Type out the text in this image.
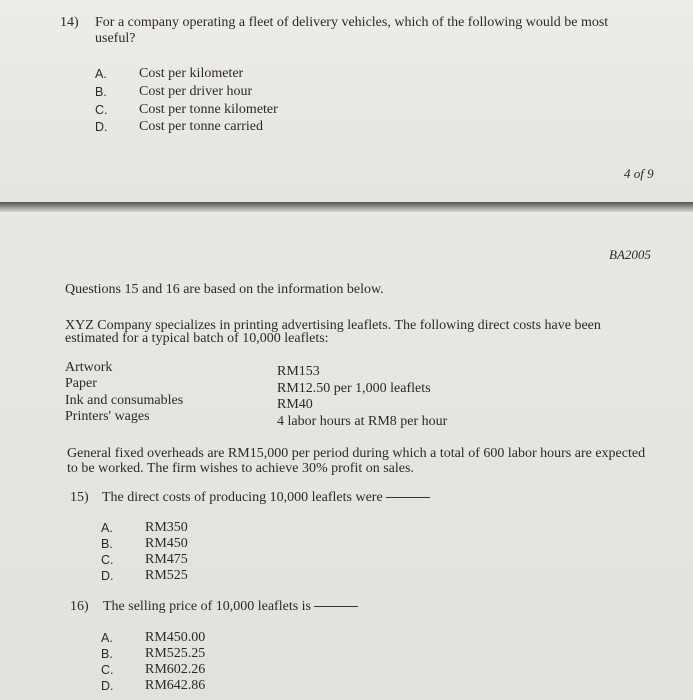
14) For a company operating a fleet of delivery vehicles, which of the following would be most
useful?
A. Cost per kilometer
B. Cost per driver hour
C. Cost per tonne kilometer
D. Cost per tonne carried
4 of 9
BA2005
Questions 15 and 16 are based on the information below.
XYZ Company specializes in printing advertising leaflets. The following direct costs have been
estimated for a typical batch of 10,000 leaflets:
Artwork	RM153
Paper	RM12.50 per 1,000 leaflets
Ink and consumables	RM40
Printers' wages	4 labor hours at RM8 per hour
General fixed overheads are RM15,000 per period during which a total of 600 labor hours are expected
to be worked. The firm wishes to achieve 30% profit on sales.
15) The direct costs of producing 10,000 leaflets were
A. RM350
B. RM450
C. RM475
D. RM525
16) The selling price of 10,000 leaflets is
A. RM450.00
B. RM525.25
C. RM602.26
D. RM642.86
